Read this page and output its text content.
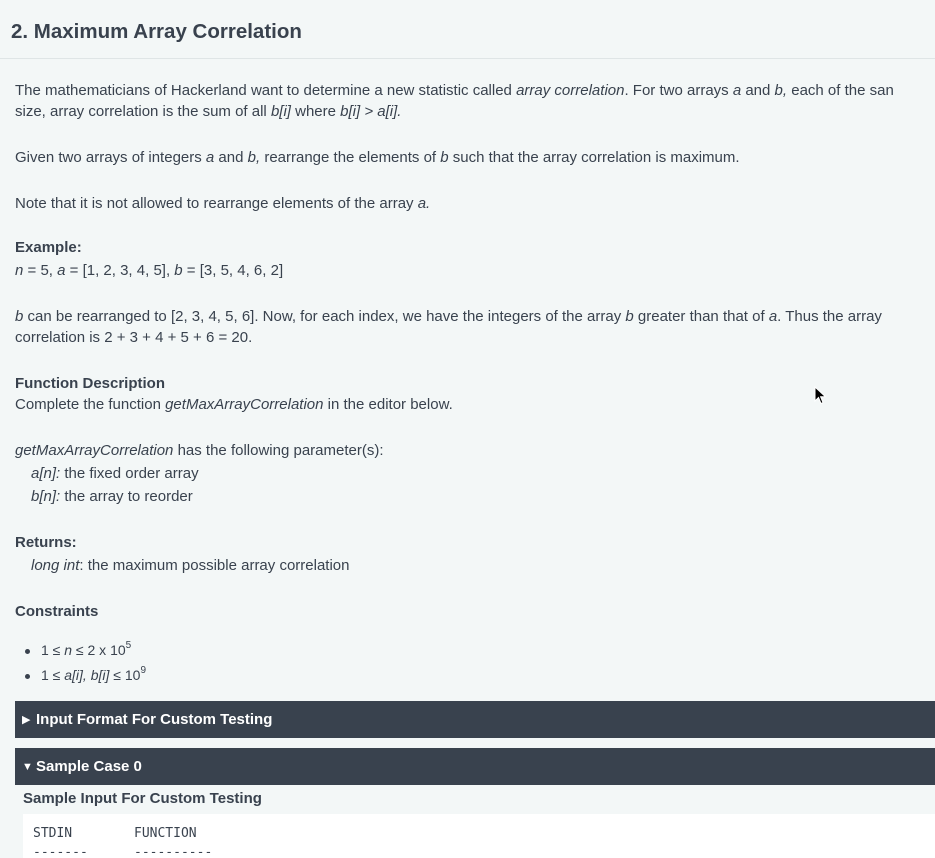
2. Maximum Array Correlation

The mathematicians of Hackerland want to determine a new statistic called array correlation. For two arrays a and b, each of the san

size, array correlation is the sum of all b[i] where b[i] > a[i].

Given two arrays of integers a and b, rearrange the elements of b such that the array correlation is maximum.

Note that it is not allowed to rearrange elements of the array a.

Example:

n = 5, a = [1, 2, 3, 4, 5], b = [3, 5, 4, 6, 2]

b can be rearranged to [2, 3, 4, 5, 6]. Now, for each index, we have the integers of the array b greater than that of a. Thus the array

correlation is 2 + 3 + 4 + 5 + 6 = 20.

Function Description

Complete the function getMaxArrayCorrelation in the editor below.

getMaxArrayCorrelation has the following parameter(s):

a[n]: the fixed order array

b[n]: the array to reorder

Returns:

long int: the maximum possible array correlation

Constraints

1 ≤ n ≤ 2 x $10^5$
1 ≤ a[i], $b[i] \le 10^9$
▶ Input Format For Custom Testing
▼ Sample Case 0

Sample Input For Custom Testing

STDIN	FUNCTION
-------	----------
